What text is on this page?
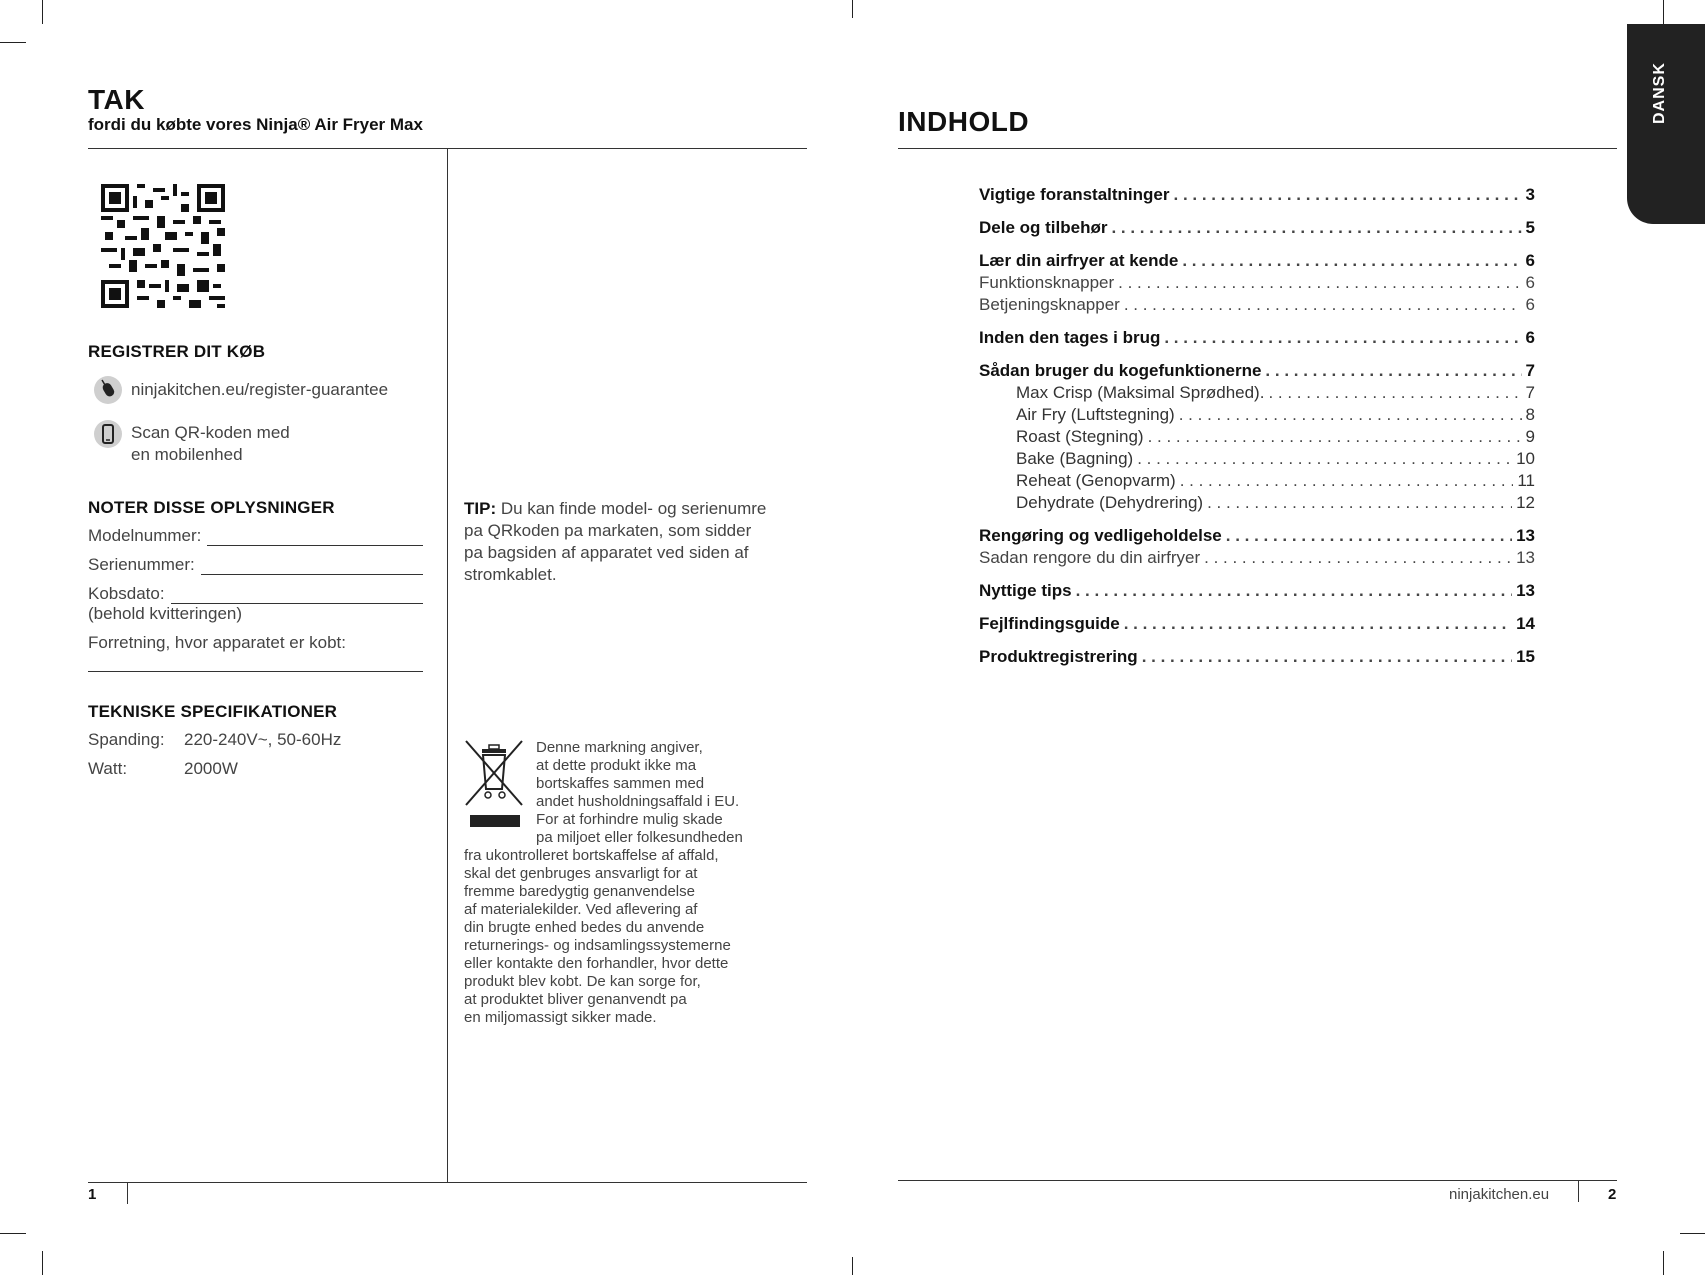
TAK
fordi du købte vores Ninja® Air Fryer Max
REGISTRER DIT KØB
ninjakitchen.eu/register-guarantee
Scan QR-koden med
en mobilenhed
NOTER DISSE OPLYSNINGER
Modelnummer:
Serienummer:
Kobsdato:
(behold kvitteringen)
Forretning, hvor apparatet er kobt:
TEKNISKE SPECIFIKATIONER
Spanding: 220-240V~, 50-60Hz
Watt:	2000W
TIP: Du kan finde model- og serienumre
pa QRkoden pa markaten, som sidder
pa bagsiden af apparatet ved siden af
stromkablet.
Denne markning angiver,
at dette produkt ikke ma
bortskaffes sammen med
andet husholdningsaffald i EU.
For at forhindre mulig skade
pa miljoet eller folkesundheden
fra ukontrolleret bortskaffelse af affald,
skal det genbruges ansvarligt for at
fremme baredygtig genanvendelse
af materialekilder. Ved aflevering af
din brugte enhed bedes du anvende
returnerings- og indsamlingssystemerne
eller kontakte den forhandler, hvor dette
produkt blev kobt. De kan sorge for,
at produktet bliver genanvendt pa
en miljomassigt sikker made.
1
DANSK
INDHOLD
Vigtige foranstaltninger . . .	3
Dele og tilbehør . . .	5
Lær din airfryer at kende . . .	6
Funktionsknapper . . .	6
Betjeningsknapper . . .	6
Inden den tages i brug . . .	6
Sådan bruger du kogefunktionerne . . .	7
Max Crisp (Maksimal Sprødhed). . . .	7
Air Fry (Luftstegning) . . .	8
Roast (Stegning) . . .	9
Bake (Bagning) . . .	10
Reheat (Genopvarm) . . .	11
Dehydrate (Dehydrering) . . .	12
Rengøring og vedligeholdelse . . .	13
Sadan rengore du din airfryer . . .	13
Nyttige tips . . .	13
Fejlfindingsguide . . .	14
Produktregistrering . . .	15
ninjakitchen.eu	2
